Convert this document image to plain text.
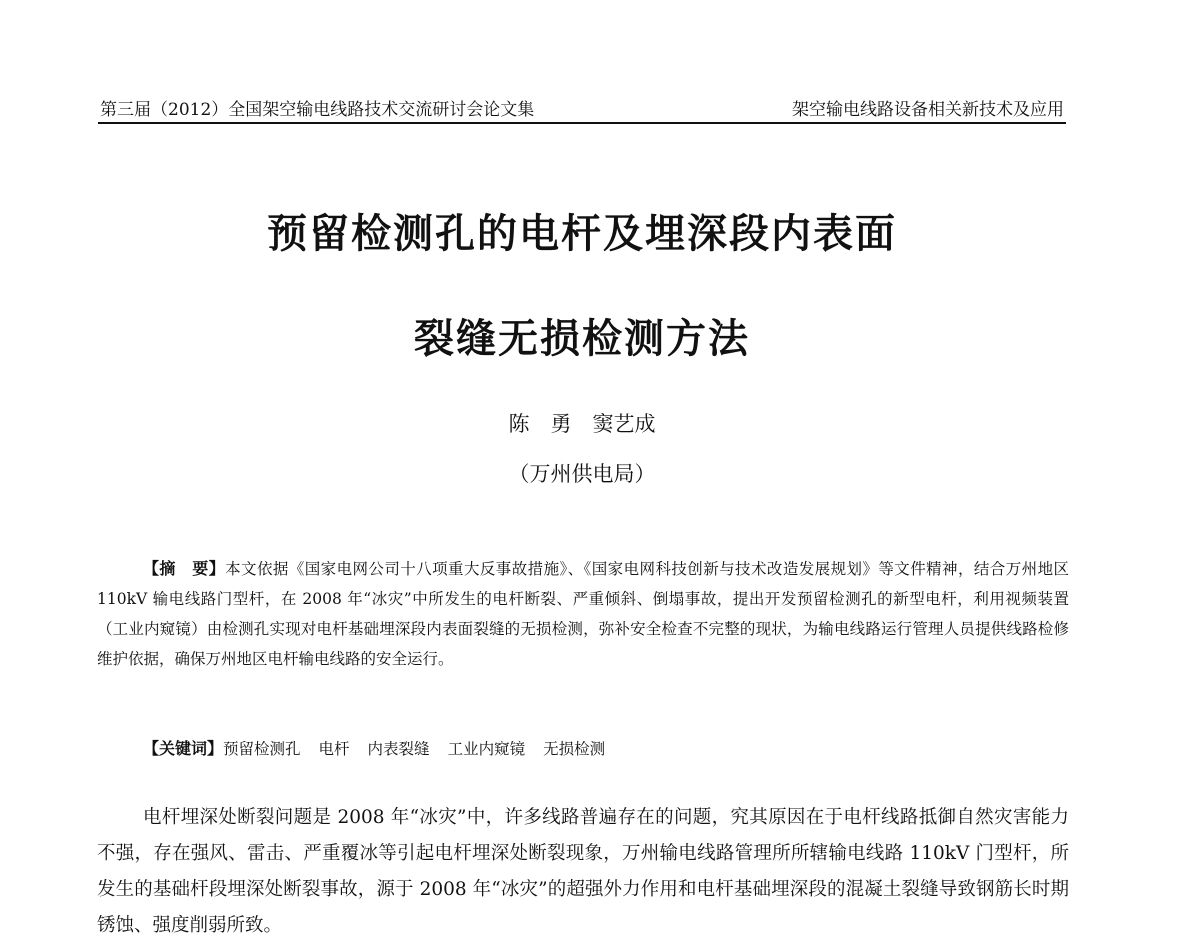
第三届（2012）全国架空输电线路技术交流研讨会论文集	架空输电线路设备相关新技术及应用
预留检测孔的电杆及埋深段内表面
裂缝无损检测方法
陈　勇　窦艺成
（万州供电局）
【摘　要】本文依据《国家电网公司十八项重大反事故措施》、《国家电网科技创新与技术改造发展规划》等文件精神，结合万州地区 110kV 输电线路门型杆，在 2008 年“冰灾”中所发生的电杆断裂、严重倾斜、倒塌事故，提出开发预留检测孔的新型电杆，利用视频装置（工业内窥镜）由检测孔实现对电杆基础埋深段内表面裂缝的无损检测，弥补安全检查不完整的现状，为输电线路运行管理人员提供线路检修维护依据，确保万州地区电杆输电线路的安全运行。
【关键词】预留检测孔 电杆 内表裂缝 工业内窥镜 无损检测
电杆埋深处断裂问题是 2008 年“冰灾”中，许多线路普遍存在的问题，究其原因在于电杆线路抵御自然灾害能力不强，存在强风、雷击、严重覆冰等引起电杆埋深处断裂现象，万州输电线路管理所所辖输电线路 110kV 门型杆，所发生的基础杆段埋深处断裂事故，源于 2008 年“冰灾”的超强外力作用和电杆基础埋深段的混凝土裂缝导致钢筋长时期锈蚀、强度削弱所致。
